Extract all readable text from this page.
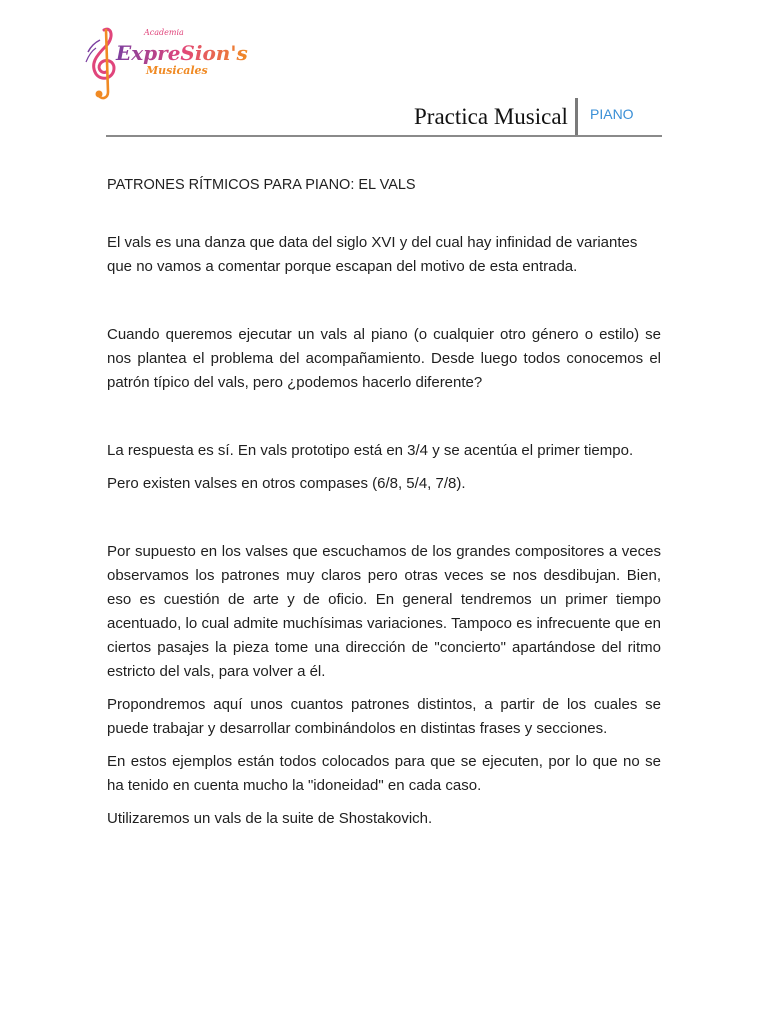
Academia
ExpreSion's
Musicales
Practica Musical PIANO

PATRONES RÍTMICOS PARA PIANO: EL VALS

El vals es una danza que data del siglo XVI y del cual hay infinidad de variantes que no vamos a comentar porque escapan del motivo de esta entrada.

Cuando queremos ejecutar un vals al piano (o cualquier otro género o estilo) se nos plantea el problema del acompañamiento. Desde luego todos conocemos el patrón típico del vals, pero ¿podemos hacerlo diferente?

La respuesta es sí. En vals prototipo está en 3/4 y se acentúa el primer tiempo.

Pero existen valses en otros compases (6/8, 5/4, 7/8).

Por supuesto en los valses que escuchamos de los grandes compositores a veces observamos los patrones muy claros pero otras veces se nos desdibujan. Bien, eso es cuestión de arte y de oficio. En general tendremos un primer tiempo acentuado, lo cual admite muchísimas variaciones. Tampoco es infrecuente que en ciertos pasajes la pieza tome una dirección de "concierto" apartándose del ritmo estricto del vals, para volver a él.

Propondremos aquí unos cuantos patrones distintos, a partir de los cuales se puede trabajar y desarrollar combinándolos en distintas frases y secciones.

En estos ejemplos están todos colocados para que se ejecuten, por lo que no se ha tenido en cuenta mucho la "idoneidad" en cada caso.

Utilizaremos un vals de la suite de Shostakovich.
